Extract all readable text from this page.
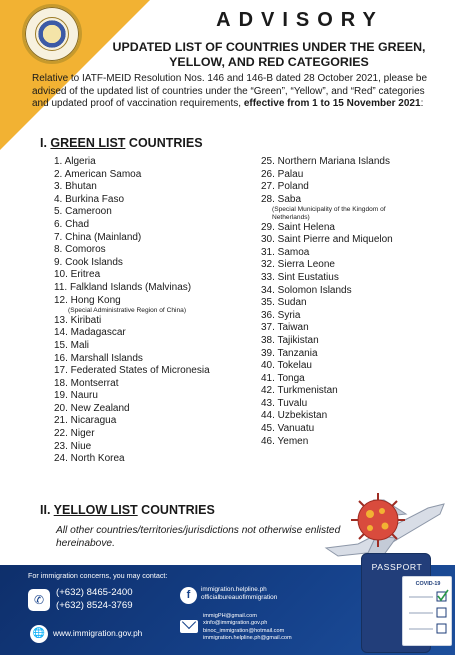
ADVISORY
UPDATED LIST OF COUNTRIES UNDER THE GREEN,
YELLOW, AND RED CATEGORIES
Relative to IATF-MEID Resolution Nos. 146 and 146-B dated 28 October 2021, please be advised of the updated list of countries under the “Green”, “Yellow”, and “Red” categories and updated proof of vaccination requirements, effective from 1 to 15 November 2021:
I. GREEN LIST COUNTRIES
1. Algeria
2. American Samoa
3. Bhutan
4. Burkina Faso
5. Cameroon
6. Chad
7. China (Mainland)
8. Comoros
9. Cook Islands
10. Eritrea
11. Falkland Islands (Malvinas)
12. Hong Kong
(Special Administrative Region of China)
13. Kiribati
14. Madagascar
15. Mali
16. Marshall Islands
17. Federated States of Micronesia
18. Montserrat
19. Nauru
20. New Zealand
21. Nicaragua
22. Niger
23. Niue
24. North Korea
25. Northern Mariana Islands
26. Palau
27. Poland
28. Saba
(Special Municipality of the Kingdom of Netherlands)
29. Saint Helena
30. Saint Pierre and Miquelon
31. Samoa
32. Sierra Leone
33. Sint Eustatius
34. Solomon Islands
35. Sudan
36. Syria
37. Taiwan
38. Tajikistan
39. Tanzania
40. Tokelau
41. Tonga
42. Turkmenistan
43. Tuvalu
44. Uzbekistan
45. Vanuatu
46. Yemen
II. YELLOW LIST COUNTRIES
All other countries/territories/jurisdictions not otherwise enlisted hereinabove.
For immigration concerns, you may contact:
✆
(+632) 8465-2400
(+632) 8524-3769
🌐 www.immigration.gov.ph
f	immigration.helpline.ph
officialbureauofimmigration
immigPH@gmail.com
xinfo@immigration.gov.ph
binoc_immigration@hotmail.com
immigration.helpline.ph@gmail.com
PASSPORT
COVID-19
